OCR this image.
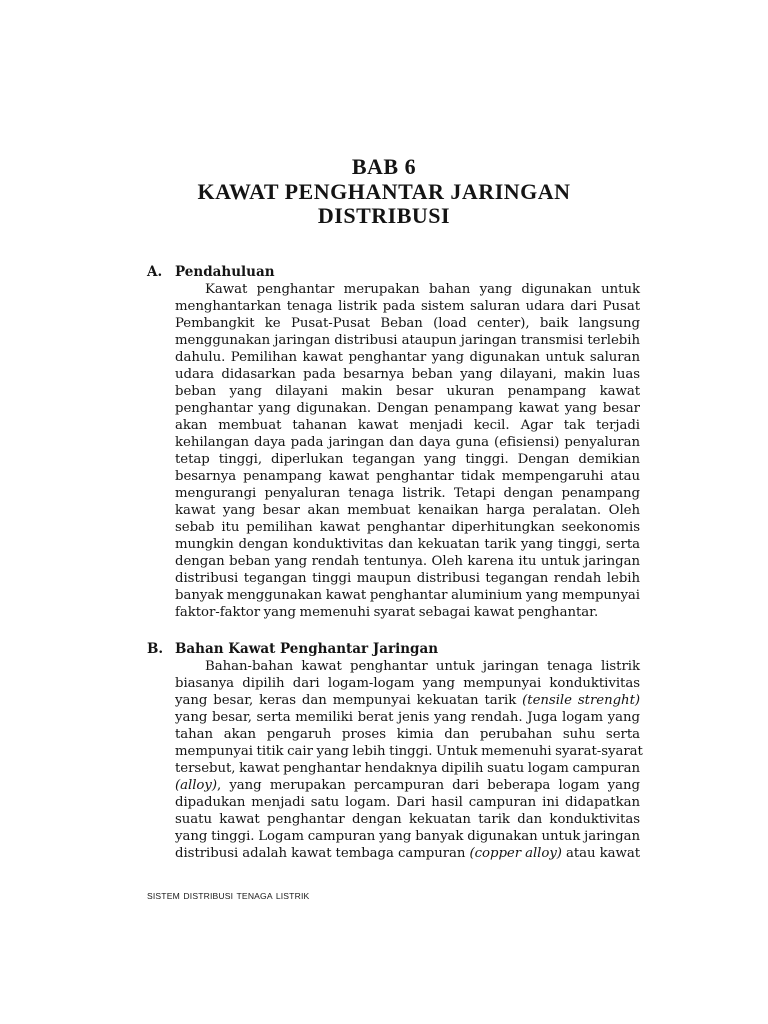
BAB 6
KAWAT PENGHANTAR JARINGAN
DISTRIBUSI
A. Pendahuluan
Kawat penghantar merupakan bahan yang digunakan untuk
menghantarkan tenaga listrik pada sistem saluran udara dari Pusat
Pembangkit ke Pusat-Pusat Beban (load center), baik langsung
menggunakan jaringan distribusi ataupun jaringan transmisi terlebih
dahulu. Pemilihan kawat penghantar yang digunakan untuk saluran
udara didasarkan pada besarnya beban yang dilayani, makin luas
beban yang dilayani makin besar ukuran penampang kawat
penghantar yang digunakan. Dengan penampang kawat yang besar
akan membuat tahanan kawat menjadi kecil. Agar tak terjadi
kehilangan daya pada jaringan dan daya guna (efisiensi) penyaluran
tetap tinggi, diperlukan tegangan yang tinggi. Dengan demikian
besarnya penampang kawat penghantar tidak mempengaruhi atau
mengurangi penyaluran tenaga listrik. Tetapi dengan penampang
kawat yang besar akan membuat kenaikan harga peralatan. Oleh
sebab itu pemilihan kawat penghantar diperhitungkan seekonomis
mungkin dengan konduktivitas dan kekuatan tarik yang tinggi, serta
dengan beban yang rendah tentunya. Oleh karena itu untuk jaringan
distribusi tegangan tinggi maupun distribusi tegangan rendah lebih
banyak menggunakan kawat penghantar aluminium yang mempunyai
faktor-faktor yang memenuhi syarat sebagai kawat penghantar.
B. Bahan Kawat Penghantar Jaringan
Bahan-bahan kawat penghantar untuk jaringan tenaga listrik
biasanya dipilih dari logam-logam yang mempunyai konduktivitas
yang besar, keras dan mempunyai kekuatan tarik (tensile strenght)
yang besar, serta memiliki berat jenis yang rendah. Juga logam yang
tahan akan pengaruh proses kimia dan perubahan suhu serta
mempunyai titik cair yang lebih tinggi. Untuk memenuhi syarat-syarat
tersebut, kawat penghantar hendaknya dipilih suatu logam campuran
(alloy), yang merupakan percampuran dari beberapa logam yang
dipadukan menjadi satu logam. Dari hasil campuran ini didapatkan
suatu kawat penghantar dengan kekuatan tarik dan konduktivitas
yang tinggi. Logam campuran yang banyak digunakan untuk jaringan
distribusi adalah kawat tembaga campuran (copper alloy) atau kawat
SISTEM DISTRIBUSI TENAGA LISTRIK
